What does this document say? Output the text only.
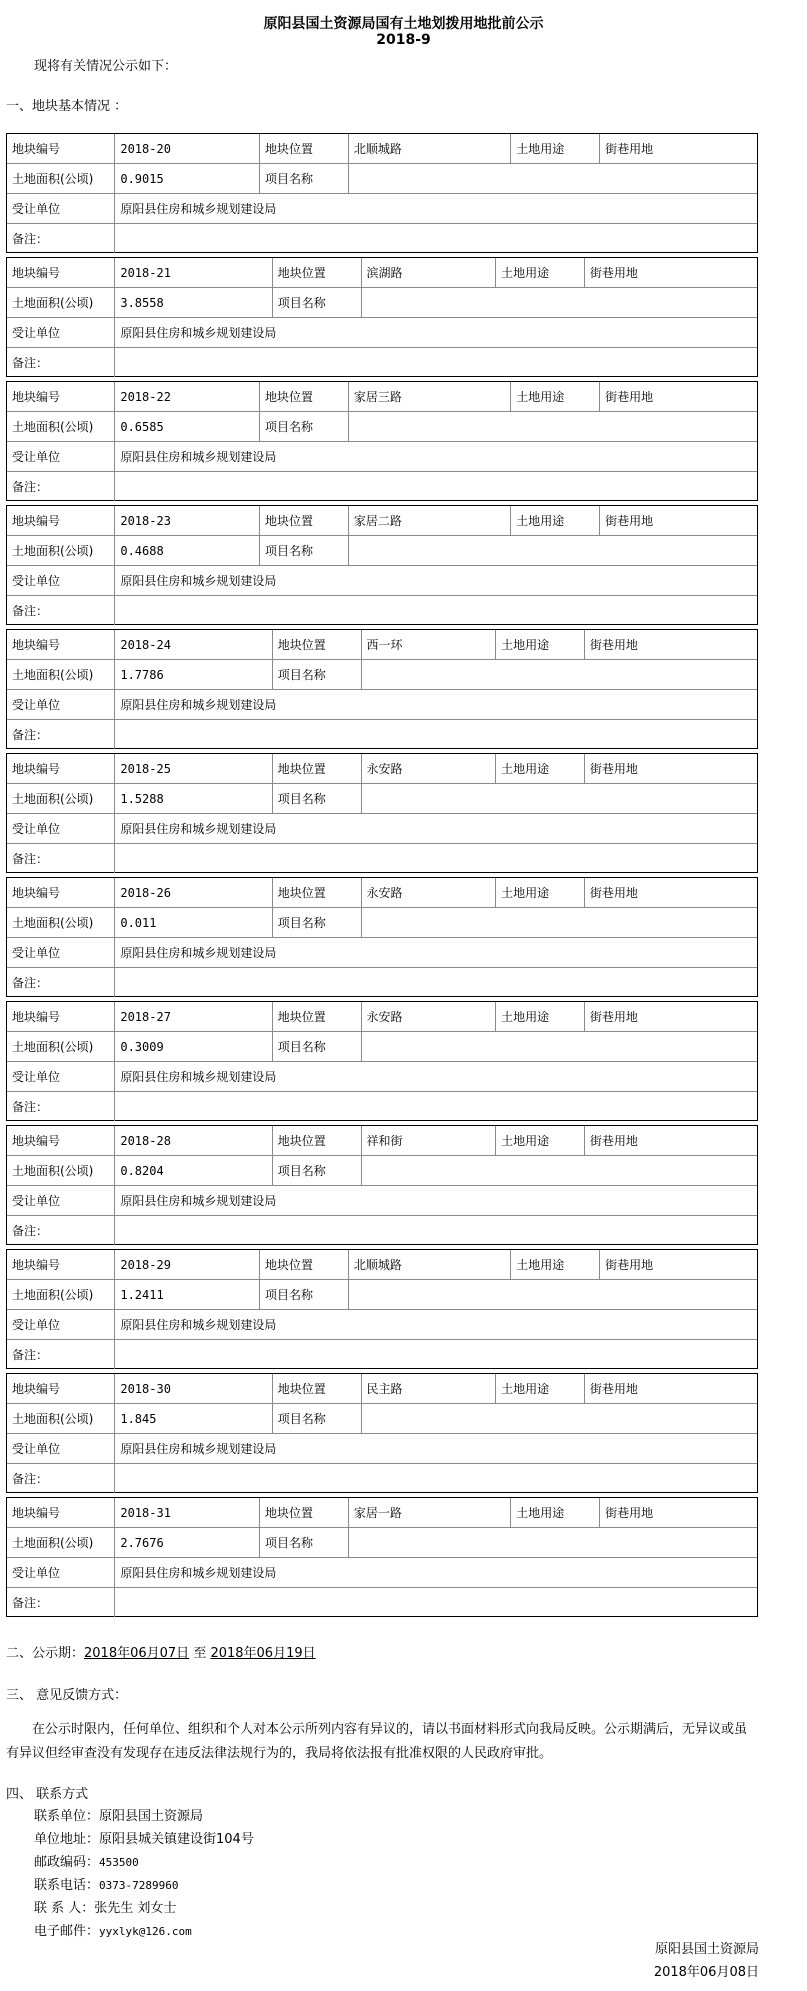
原阳县国土资源局国有土地划拨用地批前公示
2018-9
现将有关情况公示如下：
一、地块基本情况 ：
地块编号	2018-20	地块位置	北顺城路	土地用途	街巷用地
土地面积(公顷)	0.9015	项目名称			
受让单位	原阳县住房和城乡规划建设局				
备注：					
地块编号	2018-21	地块位置	滨湖路	土地用途	街巷用地
土地面积(公顷)	3.8558	项目名称			
受让单位	原阳县住房和城乡规划建设局				
备注：					
地块编号	2018-22	地块位置	家居三路	土地用途	街巷用地
土地面积(公顷)	0.6585	项目名称			
受让单位	原阳县住房和城乡规划建设局				
备注：					
地块编号	2018-23	地块位置	家居二路	土地用途	街巷用地
土地面积(公顷)	0.4688	项目名称			
受让单位	原阳县住房和城乡规划建设局				
备注：					
地块编号	2018-24	地块位置	西一环	土地用途	街巷用地
土地面积(公顷)	1.7786	项目名称			
受让单位	原阳县住房和城乡规划建设局				
备注：					
地块编号	2018-25	地块位置	永安路	土地用途	街巷用地
土地面积(公顷)	1.5288	项目名称			
受让单位	原阳县住房和城乡规划建设局				
备注：					
地块编号	2018-26	地块位置	永安路	土地用途	街巷用地
土地面积(公顷)	0.011	项目名称			
受让单位	原阳县住房和城乡规划建设局				
备注：					
地块编号	2018-27	地块位置	永安路	土地用途	街巷用地
土地面积(公顷)	0.3009	项目名称			
受让单位	原阳县住房和城乡规划建设局				
备注：					
地块编号	2018-28	地块位置	祥和街	土地用途	街巷用地
土地面积(公顷)	0.8204	项目名称			
受让单位	原阳县住房和城乡规划建设局				
备注：					
地块编号	2018-29	地块位置	北顺城路	土地用途	街巷用地
土地面积(公顷)	1.2411	项目名称			
受让单位	原阳县住房和城乡规划建设局				
备注：					
地块编号	2018-30	地块位置	民主路	土地用途	街巷用地
土地面积(公顷)	1.845	项目名称			
受让单位	原阳县住房和城乡规划建设局				
备注：					
地块编号	2018-31	地块位置	家居一路	土地用途	街巷用地
土地面积(公顷)	2.7676	项目名称			
受让单位	原阳县住房和城乡规划建设局				
备注：					
二、公示期：2018年06月07日 至 2018年06月19日
三、 意见反馈方式：
在公示时限内，任何单位、组织和个人对本公示所列内容有异议的，请以书面材料形式向我局反映。公示期满后，无异议或虽有异议但经审查没有发现存在违反法律法规行为的，我局将依法报有批准权限的人民政府审批。
四、 联系方式
联系单位：原阳县国土资源局
单位地址：原阳县城关镇建设街104号
邮政编码：453500
联系电话：0373-7289960
联 系 人：张先生 刘女士
电子邮件：yyxlyk@126.com
原阳县国土资源局
2018年06月08日
